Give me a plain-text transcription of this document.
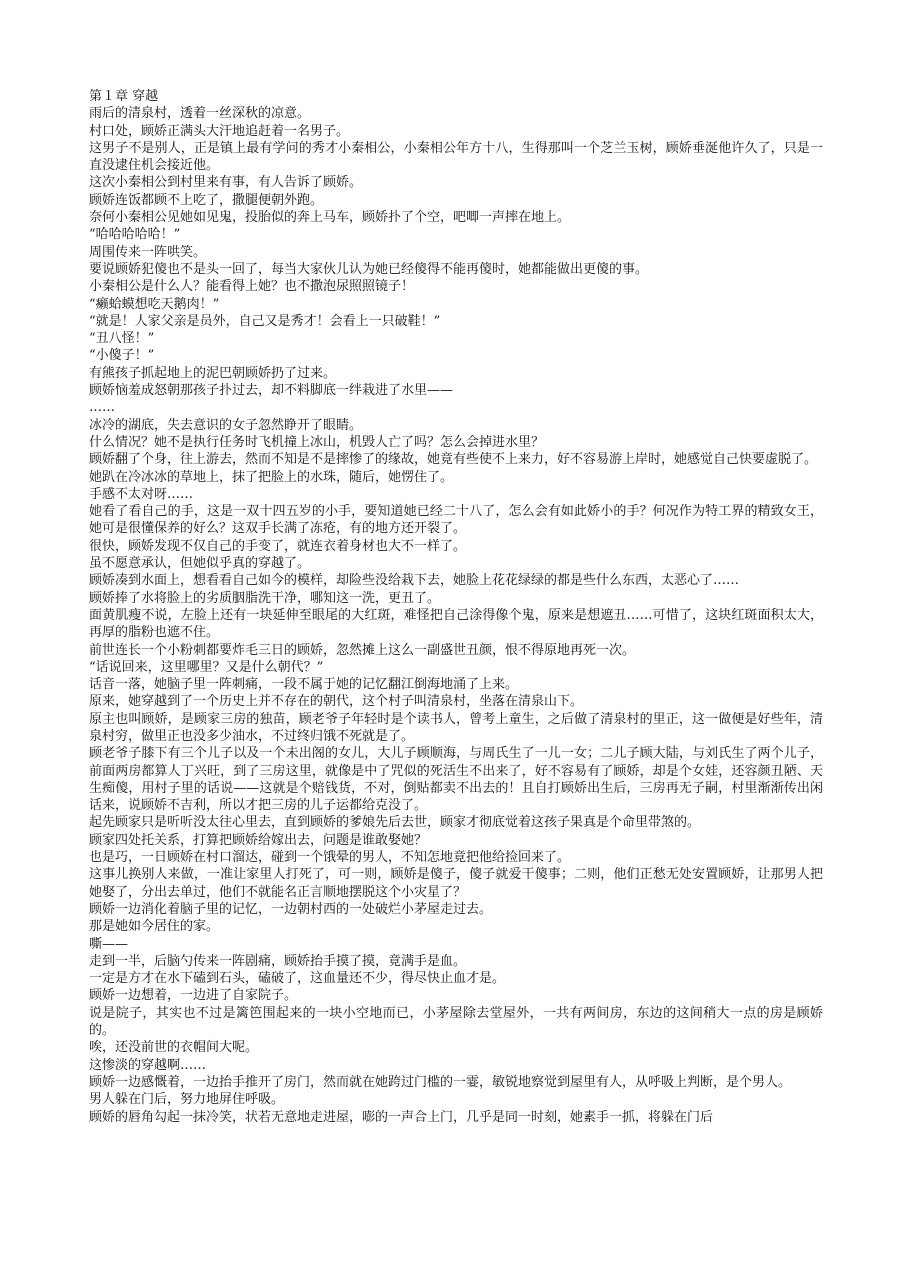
第１章 穿越

雨后的清泉村，透着一丝深秋的凉意。

村口处，顾娇正满头大汗地追赶着一名男子。

这男子不是别人，正是镇上最有学问的秀才小秦相公，小秦相公年方十八，生得那叫一个芝兰玉树，顾娇垂涎他许久了，只是一直没逮住机会接近他。

这次小秦相公到村里来有事，有人告诉了顾娇。

顾娇连饭都顾不上吃了，撒腿便朝外跑。

奈何小秦相公见她如见鬼，投胎似的奔上马车，顾娇扑了个空，吧唧一声摔在地上。

“哈哈哈哈哈！”

周围传来一阵哄笑。

要说顾娇犯傻也不是头一回了，每当大家伙儿认为她已经傻得不能再傻时，她都能做出更傻的事。

小秦相公是什么人？能看得上她？也不撒泡尿照照镜子！

“癞蛤蟆想吃天鹅肉！”

“就是！人家父亲是员外，自己又是秀才！会看上一只破鞋！”

“丑八怪！”

“小傻子！”

有熊孩子抓起地上的泥巴朝顾娇扔了过来。

顾娇恼羞成怒朝那孩子扑过去，却不料脚底一绊栽进了水里——

……

冰冷的湖底，失去意识的女子忽然睁开了眼睛。

什么情况？她不是执行任务时飞机撞上冰山，机毁人亡了吗？怎么会掉进水里？

顾娇翻了个身，往上游去，然而不知是不是摔惨了的缘故，她竟有些使不上来力，好不容易游上岸时，她感觉自己快要虚脱了。

她趴在冷冰冰的草地上，抹了把脸上的水珠，随后，她愣住了。

手感不太对呀……

她看了看自己的手，这是一双十四五岁的小手，要知道她已经二十八了，怎么会有如此娇小的手？何况作为特工界的精致女王，她可是很懂保养的好么？这双手长满了冻疮，有的地方还开裂了。

很快，顾娇发现不仅自己的手变了，就连衣着身材也大不一样了。

虽不愿意承认，但她似乎真的穿越了。

顾娇凑到水面上，想看看自己如今的模样，却险些没给栽下去，她脸上花花绿绿的都是些什么东西，太恶心了……

顾娇捧了水将脸上的劣质胭脂洗干净，哪知这一洗，更丑了。

面黄肌瘦不说，左脸上还有一块延伸至眼尾的大红斑，难怪把自己涂得像个鬼，原来是想遮丑……可惜了，这块红斑面积太大，再厚的脂粉也遮不住。

前世连长一个小粉刺都要炸毛三日的顾娇，忽然摊上这么一副盛世丑颜，恨不得原地再死一次。

“话说回来，这里哪里？又是什么朝代？”

话音一落，她脑子里一阵刺痛，一段不属于她的记忆翻江倒海地涌了上来。

原来，她穿越到了一个历史上并不存在的朝代，这个村子叫清泉村，坐落在清泉山下。

原主也叫顾娇，是顾家三房的独苗，顾老爷子年轻时是个读书人，曾考上童生，之后做了清泉村的里正，这一做便是好些年，清泉村穷，做里正也没多少油水，不过终归饿不死就是了。

顾老爷子膝下有三个儿子以及一个未出阁的女儿，大儿子顾顺海，与周氏生了一儿一女；二儿子顾大陆，与刘氏生了两个儿子，前面两房都算人丁兴旺，到了三房这里，就像是中了咒似的死活生不出来了，好不容易有了顾娇，却是个女娃，还容颜丑陋、天生痴傻，用村子里的话说——这就是个赔钱货，不对，倒贴都卖不出去的！且自打顾娇出生后，三房再无子嗣，村里渐渐传出闲话来，说顾娇不吉利，所以才把三房的儿子运都给克没了。

起先顾家只是听听没太往心里去，直到顾娇的爹娘先后去世，顾家才彻底觉着这孩子果真是个命里带煞的。

顾家四处托关系，打算把顾娇给嫁出去，问题是谁敢娶她？

也是巧，一日顾娇在村口溜达，碰到一个饿晕的男人，不知怎地竟把他给捡回来了。

这事儿换别人来做，一准让家里人打死了，可一则，顾娇是傻子，傻子就爱干傻事；二则，他们正愁无处安置顾娇，让那男人把她娶了，分出去单过，他们不就能名正言顺地摆脱这个小灾星了？

顾娇一边消化着脑子里的记忆，一边朝村西的一处破烂小茅屋走过去。

那是她如今居住的家。

嘶——

走到一半，后脑勺传来一阵剧痛，顾娇抬手摸了摸，竟满手是血。

一定是方才在水下磕到石头，磕破了，这血量还不少，得尽快止血才是。

顾娇一边想着，一边进了自家院子。

说是院子，其实也不过是篱笆围起来的一块小空地而已，小茅屋除去堂屋外，一共有两间房，东边的这间稍大一点的房是顾娇的。

唉，还没前世的衣帽间大呢。

这惨淡的穿越啊……

顾娇一边感慨着，一边抬手推开了房门，然而就在她跨过门槛的一霎，敏锐地察觉到屋里有人，从呼吸上判断，是个男人。

男人躲在门后，努力地屏住呼吸。

顾娇的唇角勾起一抹冷笑，状若无意地走进屋，嘭的一声合上门，几乎是同一时刻，她素手一抓，将躲在门后
